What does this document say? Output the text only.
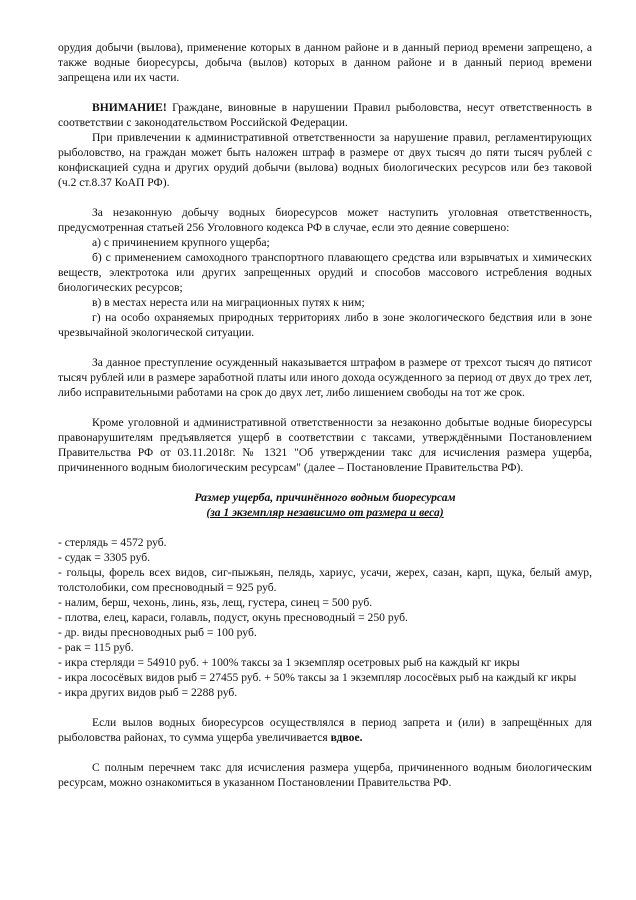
орудия добычи (вылова), применение которых в данном районе и в данный период времени запрещено, а также водные биоресурсы, добыча (вылов) которых в данном районе и в данный период времени запрещена или их части.

ВНИМАНИЕ! Граждане, виновные в нарушении Правил рыболовства, несут ответственность в соответствии с законодательством Российской Федерации.

При привлечении к административной ответственности за нарушение правил, регламентирующих рыболовство, на граждан может быть наложен штраф в размере от двух тысяч до пяти тысяч рублей с конфискацией судна и других орудий добычи (вылова) водных биологических ресурсов или без таковой (ч.2 ст.8.37 КоАП РФ).

За незаконную добычу водных биоресурсов может наступить уголовная ответственность, предусмотренная статьей 256 Уголовного кодекса РФ в случае, если это деяние совершено:

а) с причинением крупного ущерба;

б) с применением самоходного транспортного плавающего средства или взрывчатых и химических веществ, электротока или других запрещенных орудий и способов массового истребления водных биологических ресурсов;

в) в местах нереста или на миграционных путях к ним;

г) на особо охраняемых природных территориях либо в зоне экологического бедствия или в зоне чрезвычайной экологической ситуации.

За данное преступление осужденный наказывается штрафом в размере от трехсот тысяч до пятисот тысяч рублей или в размере заработной платы или иного дохода осужденного за период от двух до трех лет, либо исправительными работами на срок до двух лет, либо лишением свободы на тот же срок.

Кроме уголовной и административной ответственности за незаконно добытые водные биоресурсы правонарушителям предъявляется ущерб в соответствии с таксами, утверждёнными Постановлением Правительства РФ от 03.11.2018г. № 1321 "Об утверждении такс для исчисления размера ущерба, причиненного водным биологическим ресурсам" (далее – Постановление Правительства РФ).

Размер ущерба, причинённого водным биоресурсам

(за 1 экземпляр независимо от размера и веса)

- стерлядь = 4572 руб.

- судак = 3305 руб.

- гольцы, форель всех видов, сиг-пыжьян, пелядь, хариус, усачи, жерех, сазан, карп, щука, белый амур, толстолобики, сом пресноводный = 925 руб.

- налим, берш, чехонь, линь, язь, лещ, густера, синец = 500 руб.

- плотва, елец, караси, голавль, подуст, окунь пресноводный = 250 руб.

- др. виды пресноводных рыб = 100 руб.

- рак = 115 руб.

- икра стерляди = 54910 руб. + 100% таксы за 1 экземпляр осетровых рыб на каждый кг икры

- икра лососёвых видов рыб = 27455 руб. + 50% таксы за 1 экземпляр лососёвых рыб на каждый кг икры

- икра других видов рыб = 2288 руб.

Если вылов водных биоресурсов осуществлялся в период запрета и (или) в запрещённых для рыболовства районах, то сумма ущерба увеличивается вдвое.

С полным перечнем такс для исчисления размера ущерба, причиненного водным биологическим ресурсам, можно ознакомиться в указанном Постановлении Правительства РФ.
